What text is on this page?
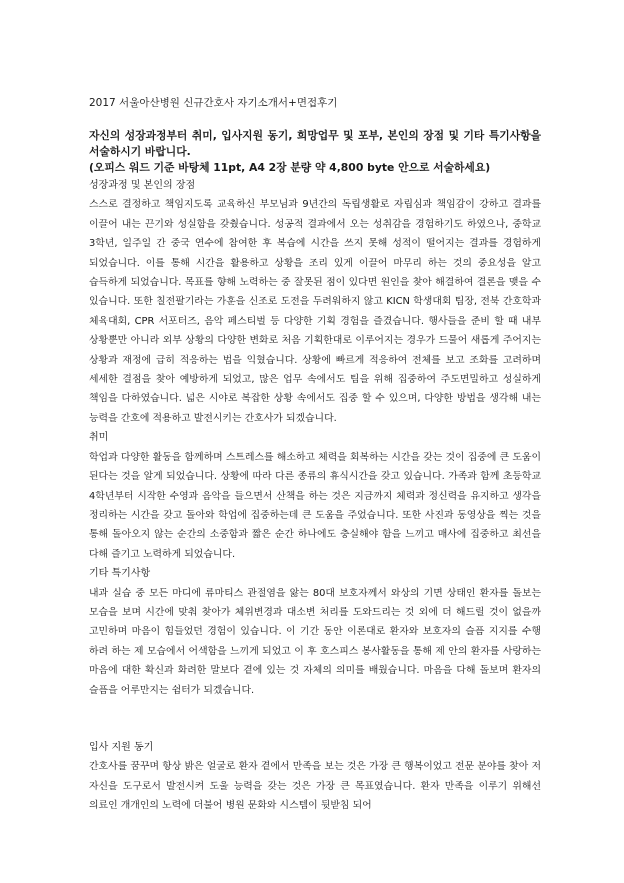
2017 서울아산병원 신규간호사 자기소개서+면접후기

자신의 성장과정부터 취미, 입사지원 동기, 희망업무 및 포부, 본인의 장점 및 기타 특기사항을 서술하시기 바랍니다.

(오피스 워드 기준 바탕체 11pt, A4 2장 분량 약 4,800 byte 안으로 서술하세요)

성장과정 및 본인의 장점

스스로 결정하고 책임지도록 교육하신 부모님과 9년간의 독립생활로 자립심과 책임감이 강하고 결과를 이끌어 내는 끈기와 성실함을 갖췄습니다. 성공적 결과에서 오는 성취감을 경험하기도 하였으나, 중학교 3학년, 일주일 간 중국 연수에 참여한 후 복습에 시간을 쓰지 못해 성적이 떨어지는 결과를 경험하게 되었습니다. 이를 통해 시간을 활용하고 상황을 조리 있게 이끌어 마무리 하는 것의 중요성을 알고 습득하게 되었습니다. 목표를 향해 노력하는 중 잘못된 점이 있다면 원인을 찾아 해결하여 결론을 맺을 수 있습니다. 또한 칠전팔기라는 가훈을 신조로 도전을 두려워하지 않고 KICN 학생대회 팀장, 전북 간호학과 체육대회, CPR 서포터즈, 음악 페스티벌 등 다양한 기획 경험을 즐겼습니다. 행사들을 준비 할 때 내부 상황뿐만 아니라 외부 상황의 다양한 변화로 처음 기획한대로 이루어지는 경우가 드물어 새롭게 주어지는 상황과 재정에 급히 적응하는 법을 익혔습니다. 상황에 빠르게 적응하여 전체를 보고 조화를 고려하며 세세한 결점을 찾아 예방하게 되었고, 많은 업무 속에서도 팀을 위해 집중하여 주도면밀하고 성실하게 책임을 다하였습니다. 넓은 시야로 복잡한 상황 속에서도 집중 할 수 있으며, 다양한 방법을 생각해 내는 능력을 간호에 적용하고 발전시키는 간호사가 되겠습니다.

취미

학업과 다양한 활동을 함께하며 스트레스를 해소하고 체력을 회복하는 시간을 갖는 것이 집중에 큰 도움이 된다는 것을 알게 되었습니다. 상황에 따라 다른 종류의 휴식시간을 갖고 있습니다. 가족과 함께 초등학교 4학년부터 시작한 수영과 음악을 들으면서 산책을 하는 것은 지금까지 체력과 정신력을 유지하고 생각을 정리하는 시간을 갖고 돌아와 학업에 집중하는데 큰 도움을 주었습니다. 또한 사진과 동영상을 찍는 것을 통해 돌아오지 않는 순간의 소중함과 짧은 순간 하나에도 충실해야 함을 느끼고 매사에 집중하고 최선을 다해 즐기고 노력하게 되었습니다.

기타 특기사항

내과 실습 중 모든 마디에 류마티스 관절염을 앓는 80대 보호자께서 와상의 기면 상태인 환자를 돌보는 모습을 보며 시간에 맞춰 찾아가 체위변경과 대소변 처리를 도와드리는 것 외에 더 해드릴 것이 없을까 고민하며 마음이 힘들었던 경험이 있습니다. 이 기간 동안 이론대로 환자와 보호자의 슬픔 지지를 수행 하려 하는 제 모습에서 어색함을 느끼게 되었고 이 후 호스피스 봉사활동을 통해 제 안의 환자를 사랑하는 마음에 대한 확신과 화려한 말보다 곁에 있는 것 자체의 의미를 배웠습니다. 마음을 다해 돌보며 환자의 슬픔을 어루만지는 쉼터가 되겠습니다.

입사 지원 동기

간호사를 꿈꾸며 항상 밝은 얼굴로 환자 곁에서 만족을 보는 것은 가장 큰 행복이었고 전문 분야를 찾아 저 자신을 도구로서 발전시켜 도울 능력을 갖는 것은 가장 큰 목표였습니다. 환자 만족을 이루기 위해선 의료인 개개인의 노력에 더불어 병원 문화와 시스템이 뒷받침 되어
